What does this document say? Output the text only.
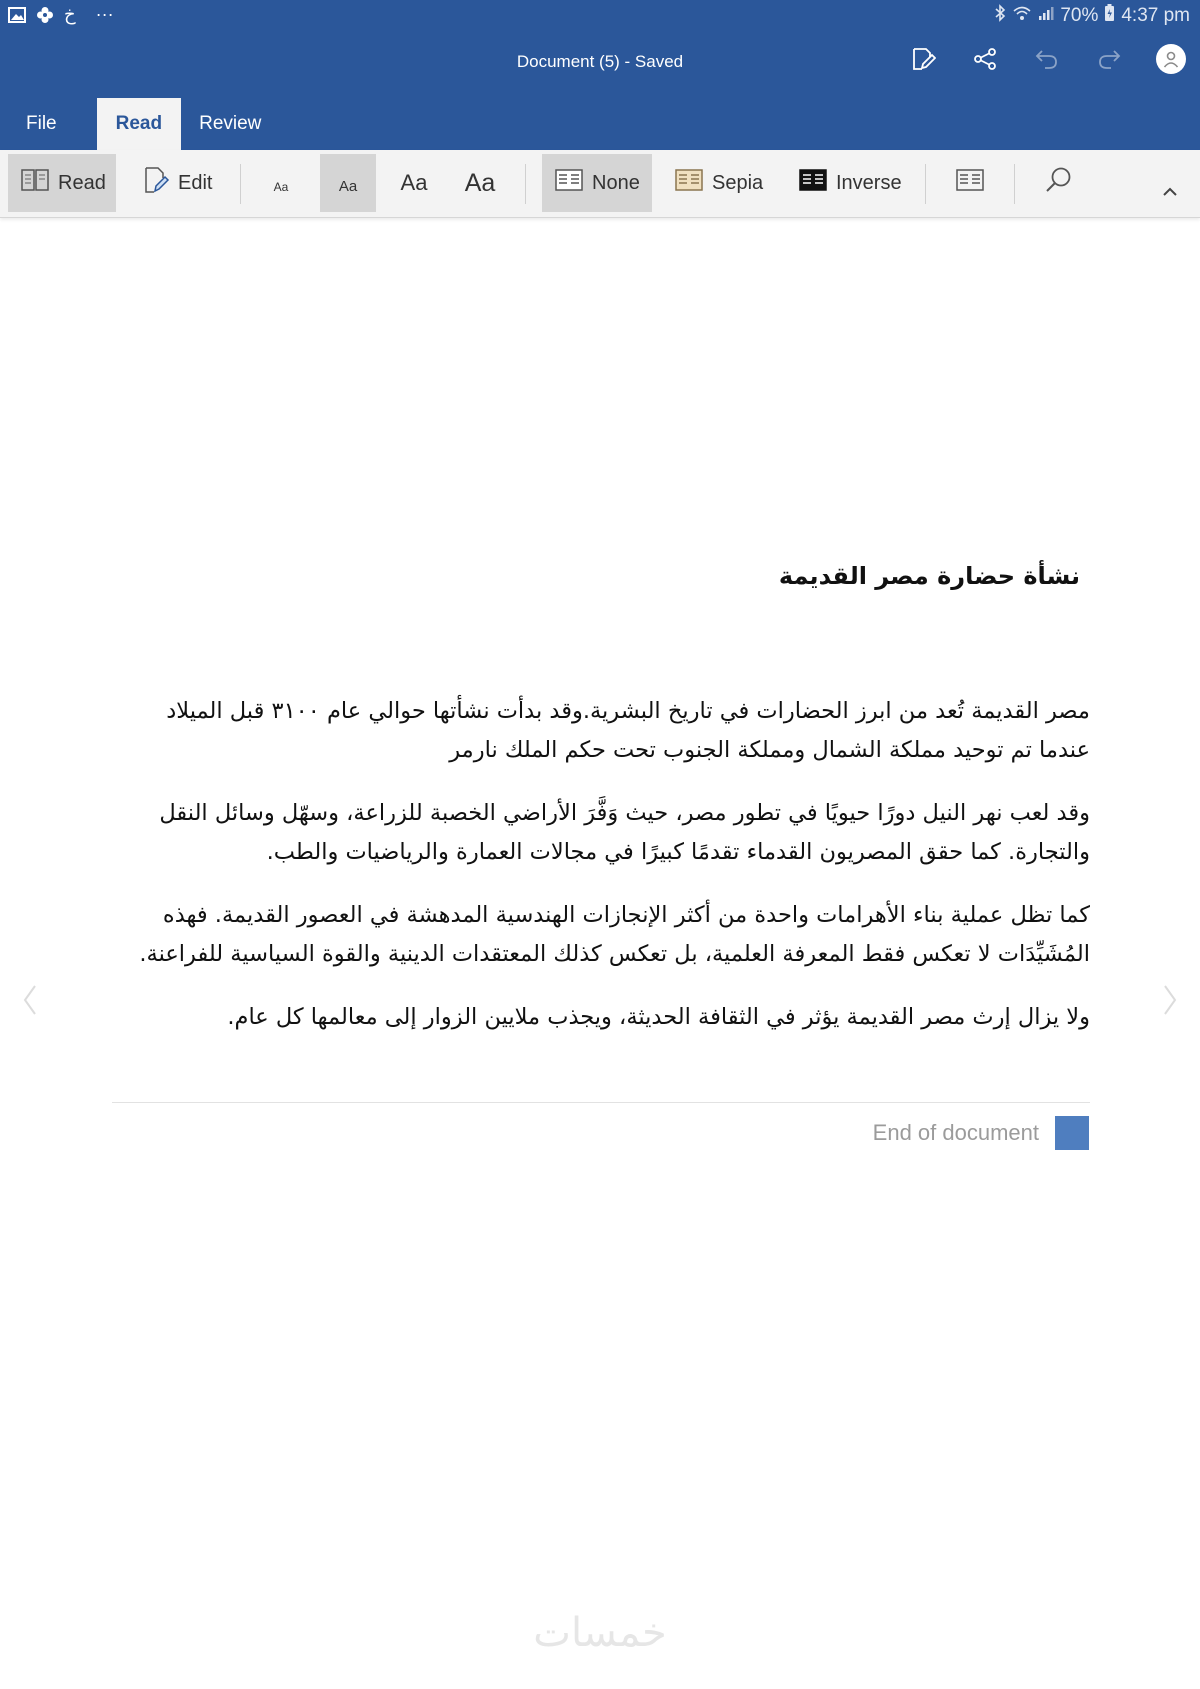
خ ···	70% 4:37 pm
Document (5) - Saved
File	Read	Review
Read	Edit	Aa	Aa	Aa	Aa	None	Sepia	Inverse
نشأة حضارة مصر القديمة

مصر القديمة تُعد من ابرز الحضارات في تاريخ البشرية.وقد بدأت نشأتها حوالي عام ٣١٠٠ قبل الميلاد عندما تم توحيد مملكة الشمال ومملكة الجنوب تحت حكم الملك نارمر

وقد لعب نهر النيل دورًا حيويًا في تطور مصر، حيث وَفَّرَ الأراضي الخصبة للزراعة، وسهّل وسائل النقل والتجارة. كما حقق المصريون القدماء تقدمًا كبيرًا في مجالات العمارة والرياضيات والطب.

كما تظل عملية بناء الأهرامات واحدة من أكثر الإنجازات الهندسية المدهشة في العصور القديمة. فهذه المُشَيِّدَات لا تعكس فقط المعرفة العلمية، بل تعكس كذلك المعتقدات الدينية والقوة السياسية للفراعنة.

ولا يزال إرث مصر القديمة يؤثر في الثقافة الحديثة، ويجذب ملايين الزوار إلى معالمها كل عام.

End of document
خمسات
